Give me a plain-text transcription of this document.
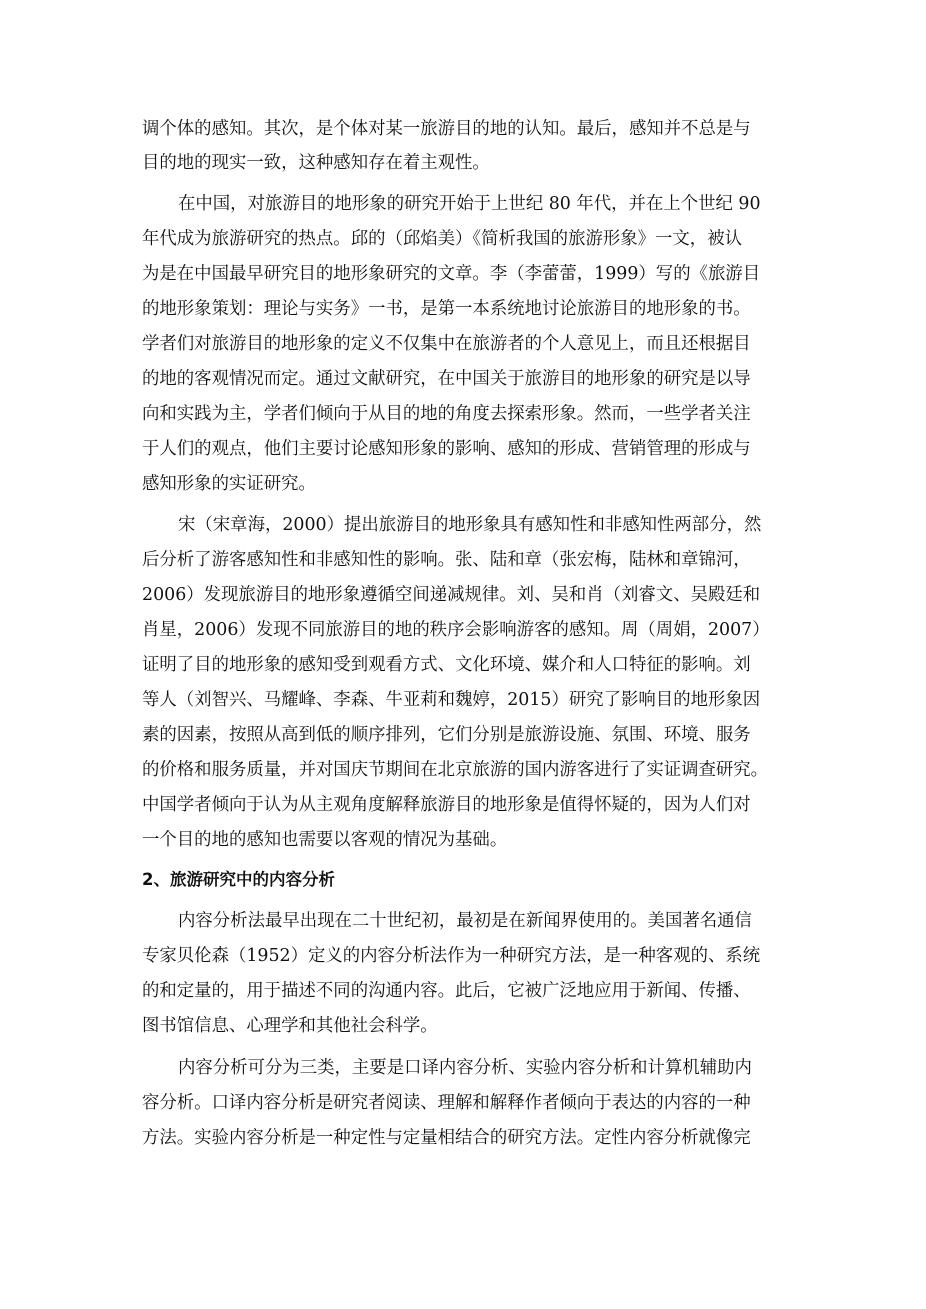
调个体的感知。其次，是个体对某一旅游目的地的认知。最后，感知并不总是与
目的地的现实一致，这种感知存在着主观性。
在中国，对旅游目的地形象的研究开始于上世纪 80 年代，并在上个世纪 90
年代成为旅游研究的热点。邱的（邱焰美）《简析我国的旅游形象》一文，被认
为是在中国最早研究目的地形象研究的文章。李（李蕾蕾，1999）写的《旅游目
的地形象策划：理论与实务》一书，是第一本系统地讨论旅游目的地形象的书。
学者们对旅游目的地形象的定义不仅集中在旅游者的个人意见上，而且还根据目
的地的客观情况而定。通过文献研究，在中国关于旅游目的地形象的研究是以导
向和实践为主，学者们倾向于从目的地的角度去探索形象。然而，一些学者关注
于人们的观点，他们主要讨论感知形象的影响、感知的形成、营销管理的形成与
感知形象的实证研究。
宋（宋章海，2000）提出旅游目的地形象具有感知性和非感知性两部分，然
后分析了游客感知性和非感知性的影响。张、陆和章（张宏梅，陆林和章锦河，
2006）发现旅游目的地形象遵循空间递减规律。刘、吴和肖（刘睿文、吴殿廷和
肖星，2006）发现不同旅游目的地的秩序会影响游客的感知。周（周娟，2007）
证明了目的地形象的感知受到观看方式、文化环境、媒介和人口特征的影响。刘
等人（刘智兴、马耀峰、李森、牛亚莉和魏婷，2015）研究了影响目的地形象因
素的因素，按照从高到低的顺序排列，它们分别是旅游设施、氛围、环境、服务
的价格和服务质量，并对国庆节期间在北京旅游的国内游客进行了实证调查研究。
中国学者倾向于认为从主观角度解释旅游目的地形象是值得怀疑的，因为人们对
一个目的地的感知也需要以客观的情况为基础。
2、旅游研究中的内容分析
内容分析法最早出现在二十世纪初，最初是在新闻界使用的。美国著名通信
专家贝伦森（1952）定义的内容分析法作为一种研究方法，是一种客观的、系统
的和定量的，用于描述不同的沟通内容。此后，它被广泛地应用于新闻、传播、
图书馆信息、心理学和其他社会科学。
内容分析可分为三类，主要是口译内容分析、实验内容分析和计算机辅助内
容分析。口译内容分析是研究者阅读、理解和解释作者倾向于表达的内容的一种
方法。实验内容分析是一种定性与定量相结合的研究方法。定性内容分析就像完
